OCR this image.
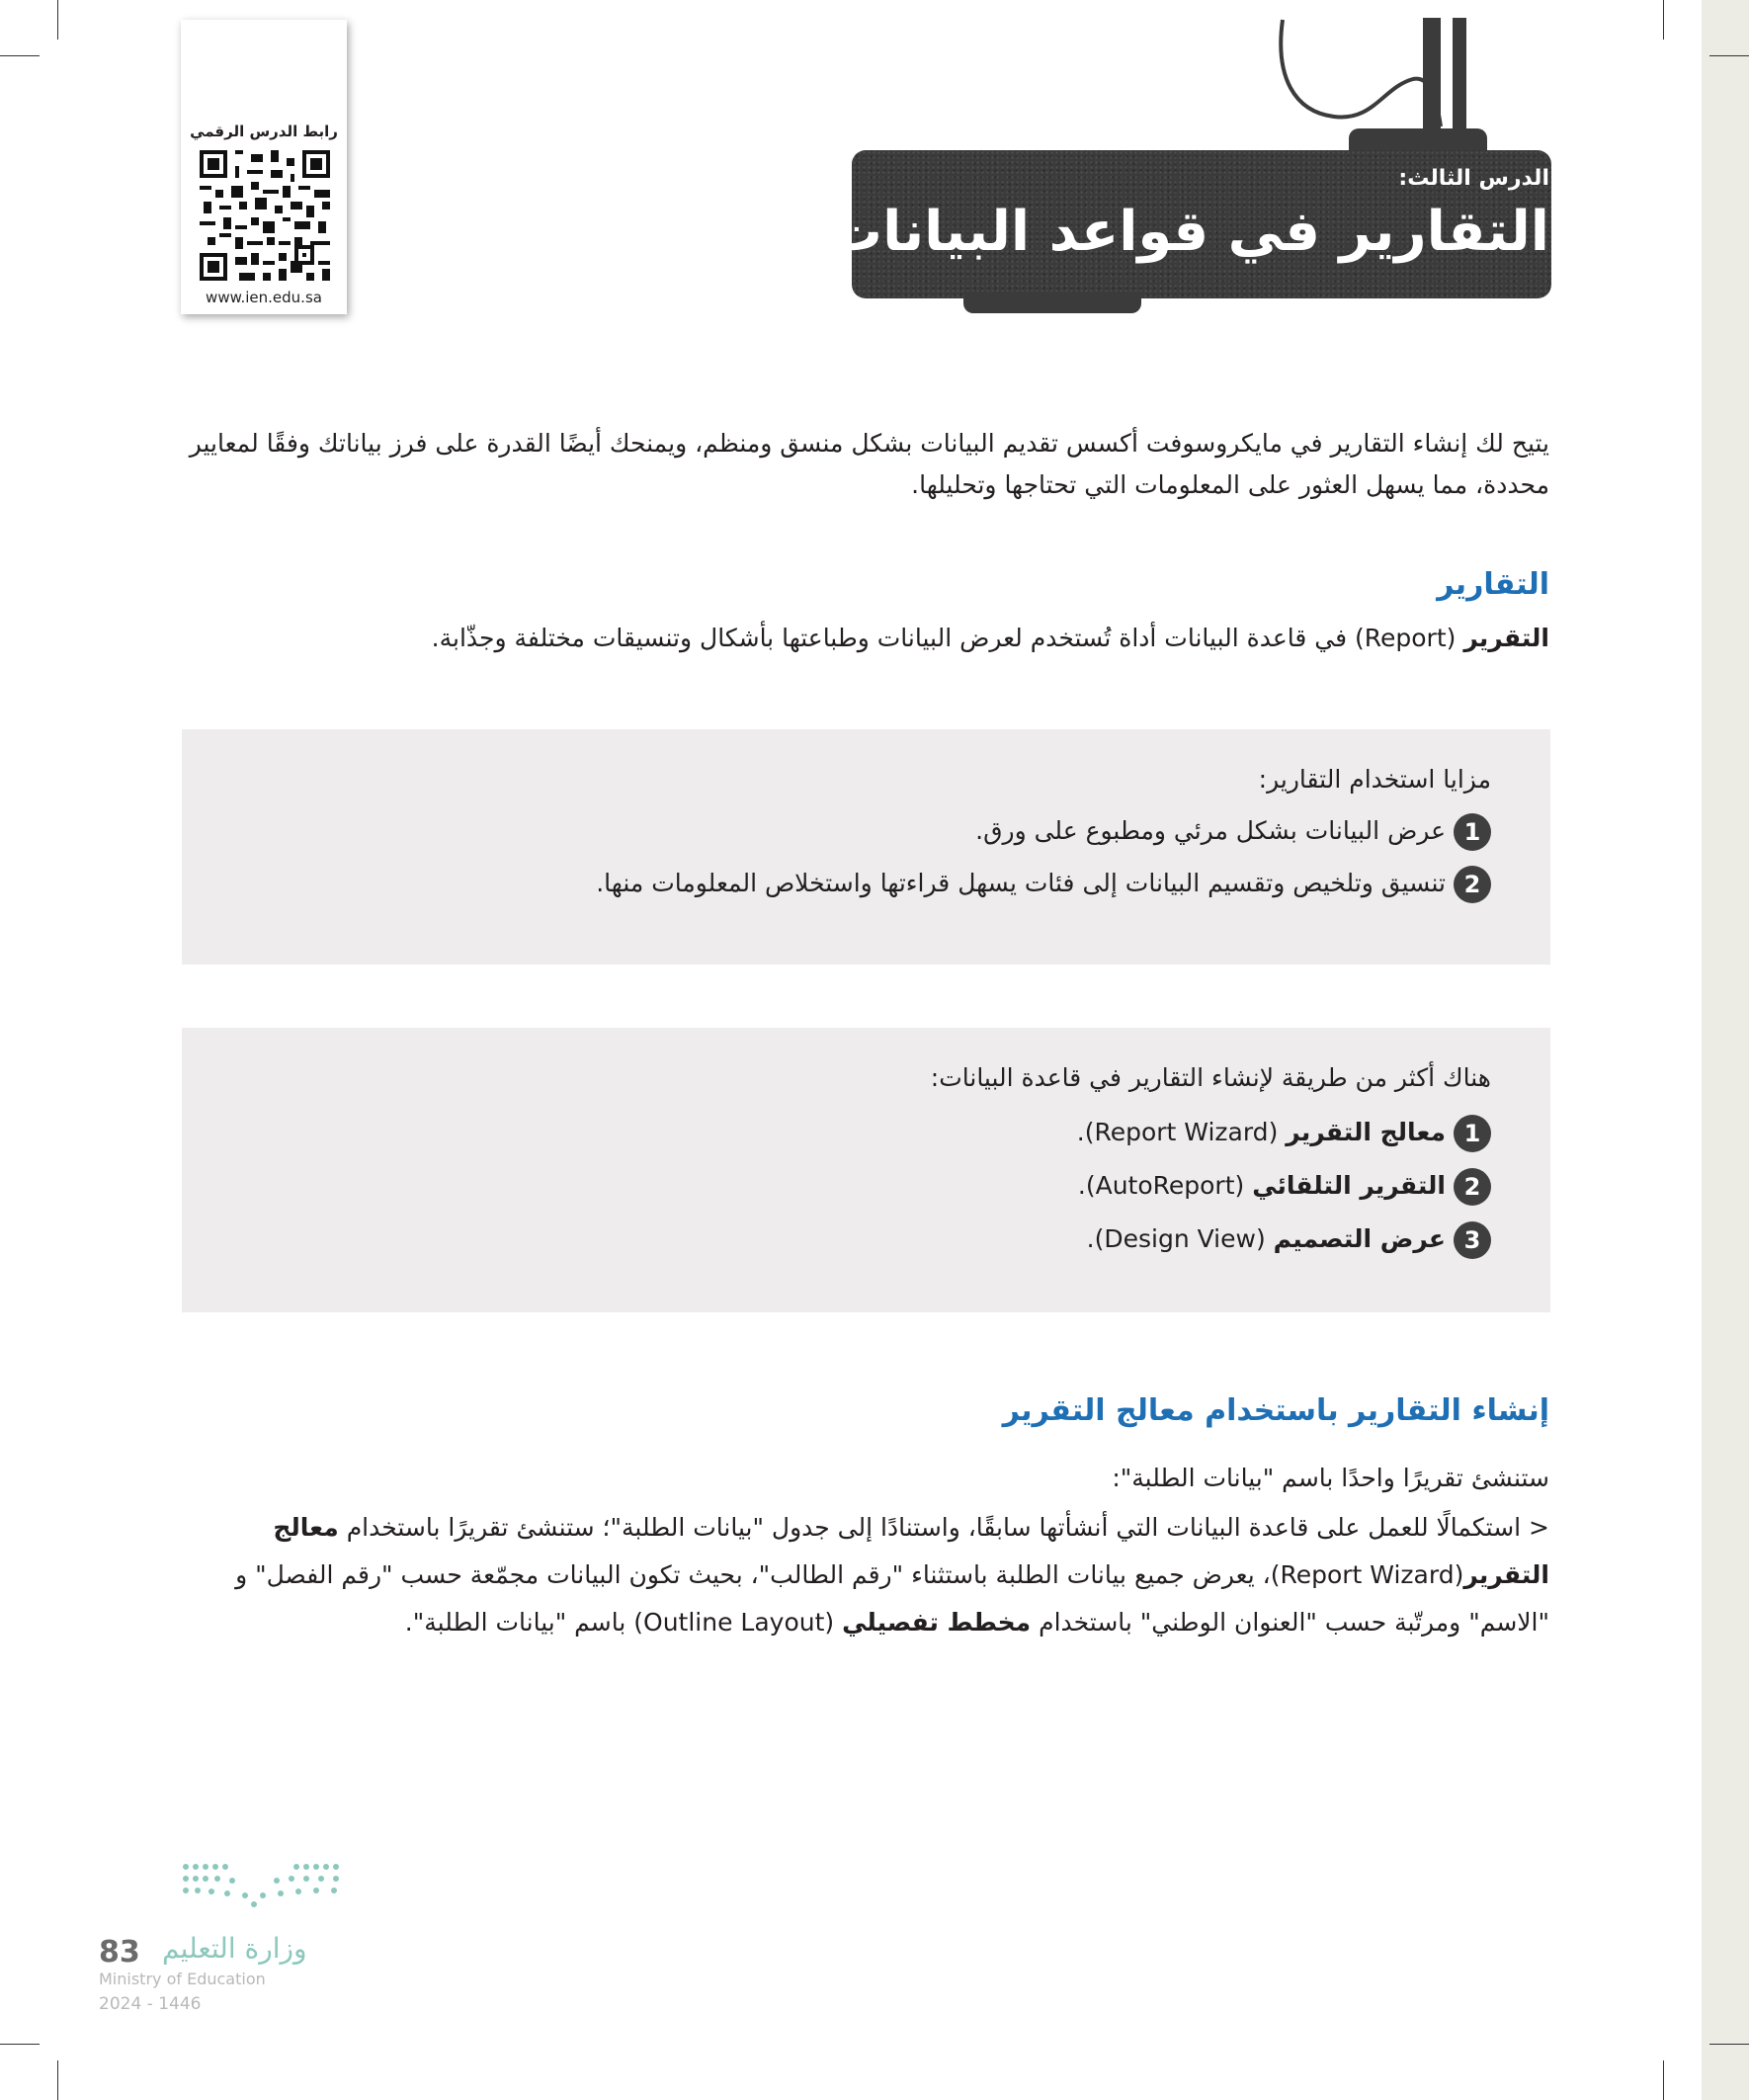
رابط الدرس الرقمي
www.ien.edu.sa
الدرس الثالث:
التقارير في قواعد البيانات
يتيح لك إنشاء التقارير في مايكروسوفت أكسس تقديم البيانات بشكل منسق ومنظم، ويمنحك أيضًا القدرة على فرز بياناتك وفقًا لمعايير محددة، مما يسهل العثور على المعلومات التي تحتاجها وتحليلها.
التقارير
التقرير (Report) في قاعدة البيانات أداة تُستخدم لعرض البيانات وطباعتها بأشكال وتنسيقات مختلفة وجذّابة.
مزايا استخدام التقارير:
1عرض البيانات بشكل مرئي ومطبوع على ورق.
2تنسيق وتلخيص وتقسيم البيانات إلى فئات يسهل قراءتها واستخلاص المعلومات منها.
هناك أكثر من طريقة لإنشاء التقارير في قاعدة البيانات:
1معالج التقرير (Report Wizard).
2التقرير التلقائي (AutoReport).
3عرض التصميم (Design View).
إنشاء التقارير باستخدام معالج التقرير
ستنشئ تقريرًا واحدًا باسم "بيانات الطلبة":
< استكمالًا للعمل على قاعدة البيانات التي أنشأتها سابقًا، واستنادًا إلى جدول "بيانات الطلبة"؛ ستنشئ تقريرًا باستخدام معالج التقرير(Report Wizard)، يعرض جميع بيانات الطلبة باستثناء "رقم الطالب"، بحيث تكون البيانات مجمّعة حسب "رقم الفصل" و "الاسم" ومرتّبة حسب "العنوان الوطني" باستخدام مخطط تفصيلي (Outline Layout) باسم "بيانات الطلبة".
وزارة التعليم
83
Ministry of Education
2024 - 1446
